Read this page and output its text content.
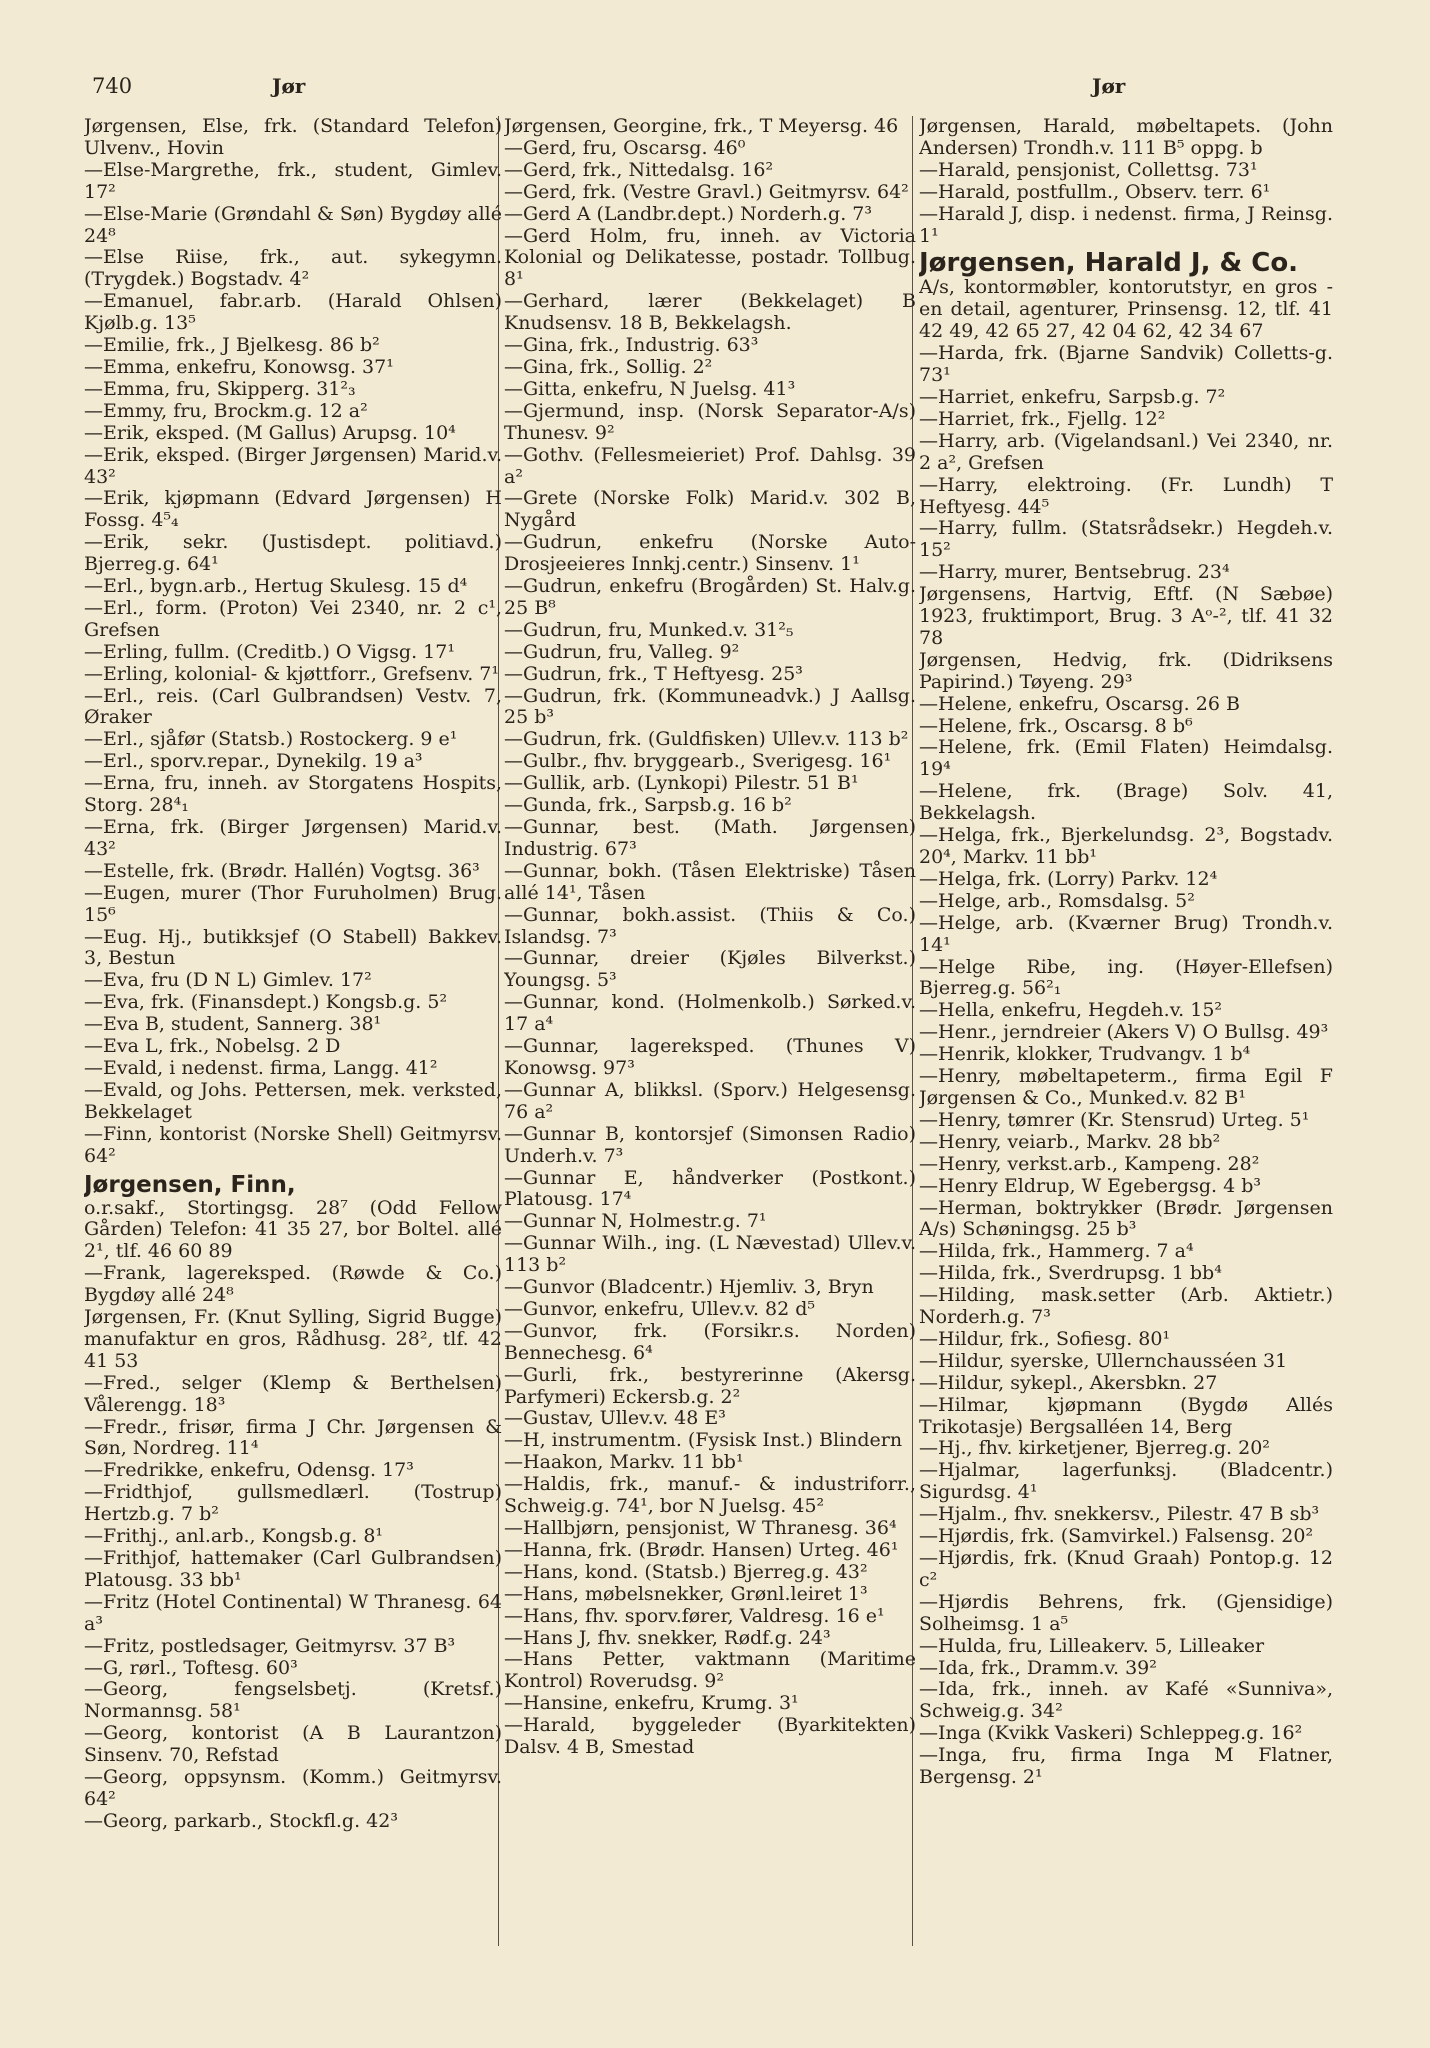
740	Jør	Jør

Jørgensen, Else, frk. (Standard Telefon) Ulvenv., Hovin

—Else-Margrethe, frk., student, Gimlev. 17²

—Else-Marie (Grøndahl & Søn) Bygdøy allé 24⁸

—Else Riise, frk., aut. sykegymn. (Trygdek.) Bogstadv. 4²

—Emanuel, fabr.arb. (Harald Ohlsen) Kjølb.g. 13⁵

—Emilie, frk., J Bjelkesg. 86 b²

—Emma, enkefru, Konowsg. 37¹

—Emma, fru, Skipperg. 31²₃

—Emmy, fru, Brockm.g. 12 a²

—Erik, eksped. (M Gallus) Arupsg. 10⁴

—Erik, eksped. (Birger Jørgensen) Marid.v. 43²

—Erik, kjøpmann (Edvard Jørgensen) H Fossg. 4⁵₄

—Erik, sekr. (Justisdept. politiavd.) Bjerreg.g. 64¹

—Erl., bygn.arb., Hertug Skulesg. 15 d⁴

—Erl., form. (Proton) Vei 2340, nr. 2 c¹, Grefsen

—Erling, fullm. (Creditb.) O Vigsg. 17¹

—Erling, kolonial- & kjøttforr., Grefsenv. 7¹

—Erl., reis. (Carl Gulbrandsen) Vestv. 7, Øraker

—Erl., sjåfør (Statsb.) Rostockerg. 9 e¹

—Erl., sporv.repar., Dynekilg. 19 a³

—Erna, fru, inneh. av Storgatens Hospits, Storg. 28⁴₁

—Erna, frk. (Birger Jørgensen) Marid.v. 43²

—Estelle, frk. (Brødr. Hallén) Vogtsg. 36³

—Eugen, murer (Thor Furuholmen) Brug. 15⁶

—Eug. Hj., butikksjef (O Stabell) Bakkev. 3, Bestun

—Eva, fru (D N L) Gimlev. 17²

—Eva, frk. (Finansdept.) Kongsb.g. 5²

—Eva B, student, Sannerg. 38¹

—Eva L, frk., Nobelsg. 2 D

—Evald, i nedenst. firma, Langg. 41²

—Evald, og Johs. Pettersen, mek. verksted, Bekkelaget

—Finn, kontorist (Norske Shell) Geitmyrsv. 64²

Jørgensen, Finn,

o.r.sakf., Stortingsg. 28⁷ (Odd Fellow Gården) Telefon: 41 35 27, bor Boltel. allé 2¹, tlf. 46 60 89

—Frank, lagereksped. (Røwde & Co.) Bygdøy allé 24⁸

Jørgensen, Fr. (Knut Sylling, Sigrid Bugge) manufaktur en gros, Rådhusg. 28², tlf. 42 41 53

—Fred., selger (Klemp & Berthelsen) Vålerengg. 18³

—Fredr., frisør, firma J Chr. Jørgensen & Søn, Nordreg. 11⁴

—Fredrikke, enkefru, Odensg. 17³

—Fridthjof, gullsmedlærl. (Tostrup) Hertzb.g. 7 b²

—Frithj., anl.arb., Kongsb.g. 8¹

—Frithjof, hattemaker (Carl Gulbrandsen) Platousg. 33 bb¹

—Fritz (Hotel Continental) W Thranesg. 64 a³

—Fritz, postledsager, Geitmyrsv. 37 B³

—G, rørl., Toftesg. 60³

—Georg, fengselsbetj. (Kretsf.) Normannsg. 58¹

—Georg, kontorist (A B Laurantzon) Sinsenv. 70, Refstad

—Georg, oppsynsm. (Komm.) Geitmyrsv. 64²

—Georg, parkarb., Stockfl.g. 42³

Jørgensen, Georgine, frk., T Meyersg. 46

—Gerd, fru, Oscarsg. 46⁰

—Gerd, frk., Nittedalsg. 16²

—Gerd, frk. (Vestre Gravl.) Geitmyrsv. 64²

—Gerd A (Landbr.dept.) Norderh.g. 7³

—Gerd Holm, fru, inneh. av Victoria Kolonial og Delikatesse, postadr. Tollbug. 8¹

—Gerhard, lærer (Bekkelaget) B Knudsensv. 18 B, Bekkelagsh.

—Gina, frk., Industrig. 63³

—Gina, frk., Sollig. 2²

—Gitta, enkefru, N Juelsg. 41³

—Gjermund, insp. (Norsk Separator-A/s) Thunesv. 9²

—Gothv. (Fellesmeieriet) Prof. Dahlsg. 39 a²

—Grete (Norske Folk) Marid.v. 302 B, Nygård

—Gudrun, enkefru (Norske Auto-Drosjeeieres Innkj.centr.) Sinsenv. 1¹

—Gudrun, enkefru (Brogården) St. Halv.g. 25 B⁸

—Gudrun, fru, Munked.v. 31²₅

—Gudrun, fru, Valleg. 9²

—Gudrun, frk., T Heftyesg. 25³

—Gudrun, frk. (Kommuneadvk.) J Aallsg. 25 b³

—Gudrun, frk. (Guldfisken) Ullev.v. 113 b²

—Gulbr., fhv. bryggearb., Sverigesg. 16¹

—Gullik, arb. (Lynkopi) Pilestr. 51 B¹

—Gunda, frk., Sarpsb.g. 16 b²

—Gunnar, best. (Math. Jørgensen) Industrig. 67³

—Gunnar, bokh. (Tåsen Elektriske) Tåsen allé 14¹, Tåsen

—Gunnar, bokh.assist. (Thiis & Co.) Islandsg. 7³

—Gunnar, dreier (Kjøles Bilverkst.) Youngsg. 5³

—Gunnar, kond. (Holmenkolb.) Sørked.v. 17 a⁴

—Gunnar, lagereksped. (Thunes V) Konowsg. 97³

—Gunnar A, blikksl. (Sporv.) Helgesensg. 76 a²

—Gunnar B, kontorsjef (Simonsen Radio) Underh.v. 7³

—Gunnar E, håndverker (Postkont.) Platousg. 17⁴

—Gunnar N, Holmestr.g. 7¹

—Gunnar Wilh., ing. (L Nævestad) Ullev.v. 113 b²

—Gunvor (Bladcentr.) Hjemliv. 3, Bryn

—Gunvor, enkefru, Ullev.v. 82 d⁵

—Gunvor, frk. (Forsikr.s. Norden) Bennechesg. 6⁴

—Gurli, frk., bestyrerinne (Akersg. Parfymeri) Eckersb.g. 2²

—Gustav, Ullev.v. 48 E³

—H, instrumentm. (Fysisk Inst.) Blindern

—Haakon, Markv. 11 bb¹

—Haldis, frk., manuf.- & industriforr., Schweig.g. 74¹, bor N Juelsg. 45²

—Hallbjørn, pensjonist, W Thranesg. 36⁴

—Hanna, frk. (Brødr. Hansen) Urteg. 46¹

—Hans, kond. (Statsb.) Bjerreg.g. 43²

—Hans, møbelsnekker, Grønl.leiret 1³

—Hans, fhv. sporv.fører, Valdresg. 16 e¹

—Hans J, fhv. snekker, Rødf.g. 24³

—Hans Petter, vaktmann (Maritime Kontrol) Roverudsg. 9²

—Hansine, enkefru, Krumg. 3¹

—Harald, byggeleder (Byarkitekten) Dalsv. 4 B, Smestad

Jørgensen, Harald, møbeltapets. (John Andersen) Trondh.v. 111 B⁵ oppg. b

—Harald, pensjonist, Collettsg. 73¹

—Harald, postfullm., Observ. terr. 6¹

—Harald J, disp. i nedenst. firma, J Reinsg. 1¹

Jørgensen, Harald J, & Co.

A/s, kontormøbler, kontorutstyr, en gros - en detail, agenturer, Prinsensg. 12, tlf. 41 42 49, 42 65 27, 42 04 62, 42 34 67

—Harda, frk. (Bjarne Sandvik) Colletts-g. 73¹

—Harriet, enkefru, Sarpsb.g. 7²

—Harriet, frk., Fjellg. 12²

—Harry, arb. (Vigelandsanl.) Vei 2340, nr. 2 a², Grefsen

—Harry, elektroing. (Fr. Lundh) T Heftyesg. 44⁵

—Harry, fullm. (Statsrådsekr.) Hegdeh.v. 15²

—Harry, murer, Bentsebrug. 23⁴

Jørgensens, Hartvig, Eftf. (N Sæbøe) 1923, fruktimport, Brug. 3 Aᵒ-², tlf. 41 32 78

Jørgensen, Hedvig, frk. (Didriksens Papirind.) Tøyeng. 29³

—Helene, enkefru, Oscarsg. 26 B

—Helene, frk., Oscarsg. 8 b⁶

—Helene, frk. (Emil Flaten) Heimdalsg. 19⁴

—Helene, frk. (Brage) Solv. 41, Bekkelagsh.

—Helga, frk., Bjerkelundsg. 2³, Bogstadv. 20⁴, Markv. 11 bb¹

—Helga, frk. (Lorry) Parkv. 12⁴

—Helge, arb., Romsdalsg. 5²

—Helge, arb. (Kværner Brug) Trondh.v. 14¹

—Helge Ribe, ing. (Høyer-Ellefsen) Bjerreg.g. 56²₁

—Hella, enkefru, Hegdeh.v. 15²

—Henr., jerndreier (Akers V) O Bullsg. 49³

—Henrik, klokker, Trudvangv. 1 b⁴

—Henry, møbeltapeterm., firma Egil F Jørgensen & Co., Munked.v. 82 B¹

—Henry, tømrer (Kr. Stensrud) Urteg. 5¹

—Henry, veiarb., Markv. 28 bb²

—Henry, verkst.arb., Kampeng. 28²

—Henry Eldrup, W Egebergsg. 4 b³

—Herman, boktrykker (Brødr. Jørgensen A/s) Schøningsg. 25 b³

—Hilda, frk., Hammerg. 7 a⁴

—Hilda, frk., Sverdrupsg. 1 bb⁴

—Hilding, mask.setter (Arb. Aktietr.) Norderh.g. 7³

—Hildur, frk., Sofiesg. 80¹

—Hildur, syerske, Ullernchausséen 31

—Hildur, sykepl., Akersbkn. 27

—Hilmar, kjøpmann (Bygdø Allés Trikotasje) Bergsalléen 14, Berg

—Hj., fhv. kirketjener, Bjerreg.g. 20²

—Hjalmar, lagerfunksj. (Bladcentr.) Sigurdsg. 4¹

—Hjalm., fhv. snekkersv., Pilestr. 47 B sb³

—Hjørdis, frk. (Samvirkel.) Falsensg. 20²

—Hjørdis, frk. (Knud Graah) Pontop.g. 12 c²

—Hjørdis Behrens, frk. (Gjensidige) Solheimsg. 1 a⁵

—Hulda, fru, Lilleakerv. 5, Lilleaker

—Ida, frk., Dramm.v. 39²

—Ida, frk., inneh. av Kafé «Sunniva», Schweig.g. 34²

—Inga (Kvikk Vaskeri) Schleppeg.g. 16²

—Inga, fru, firma Inga M Flatner, Bergensg. 2¹
